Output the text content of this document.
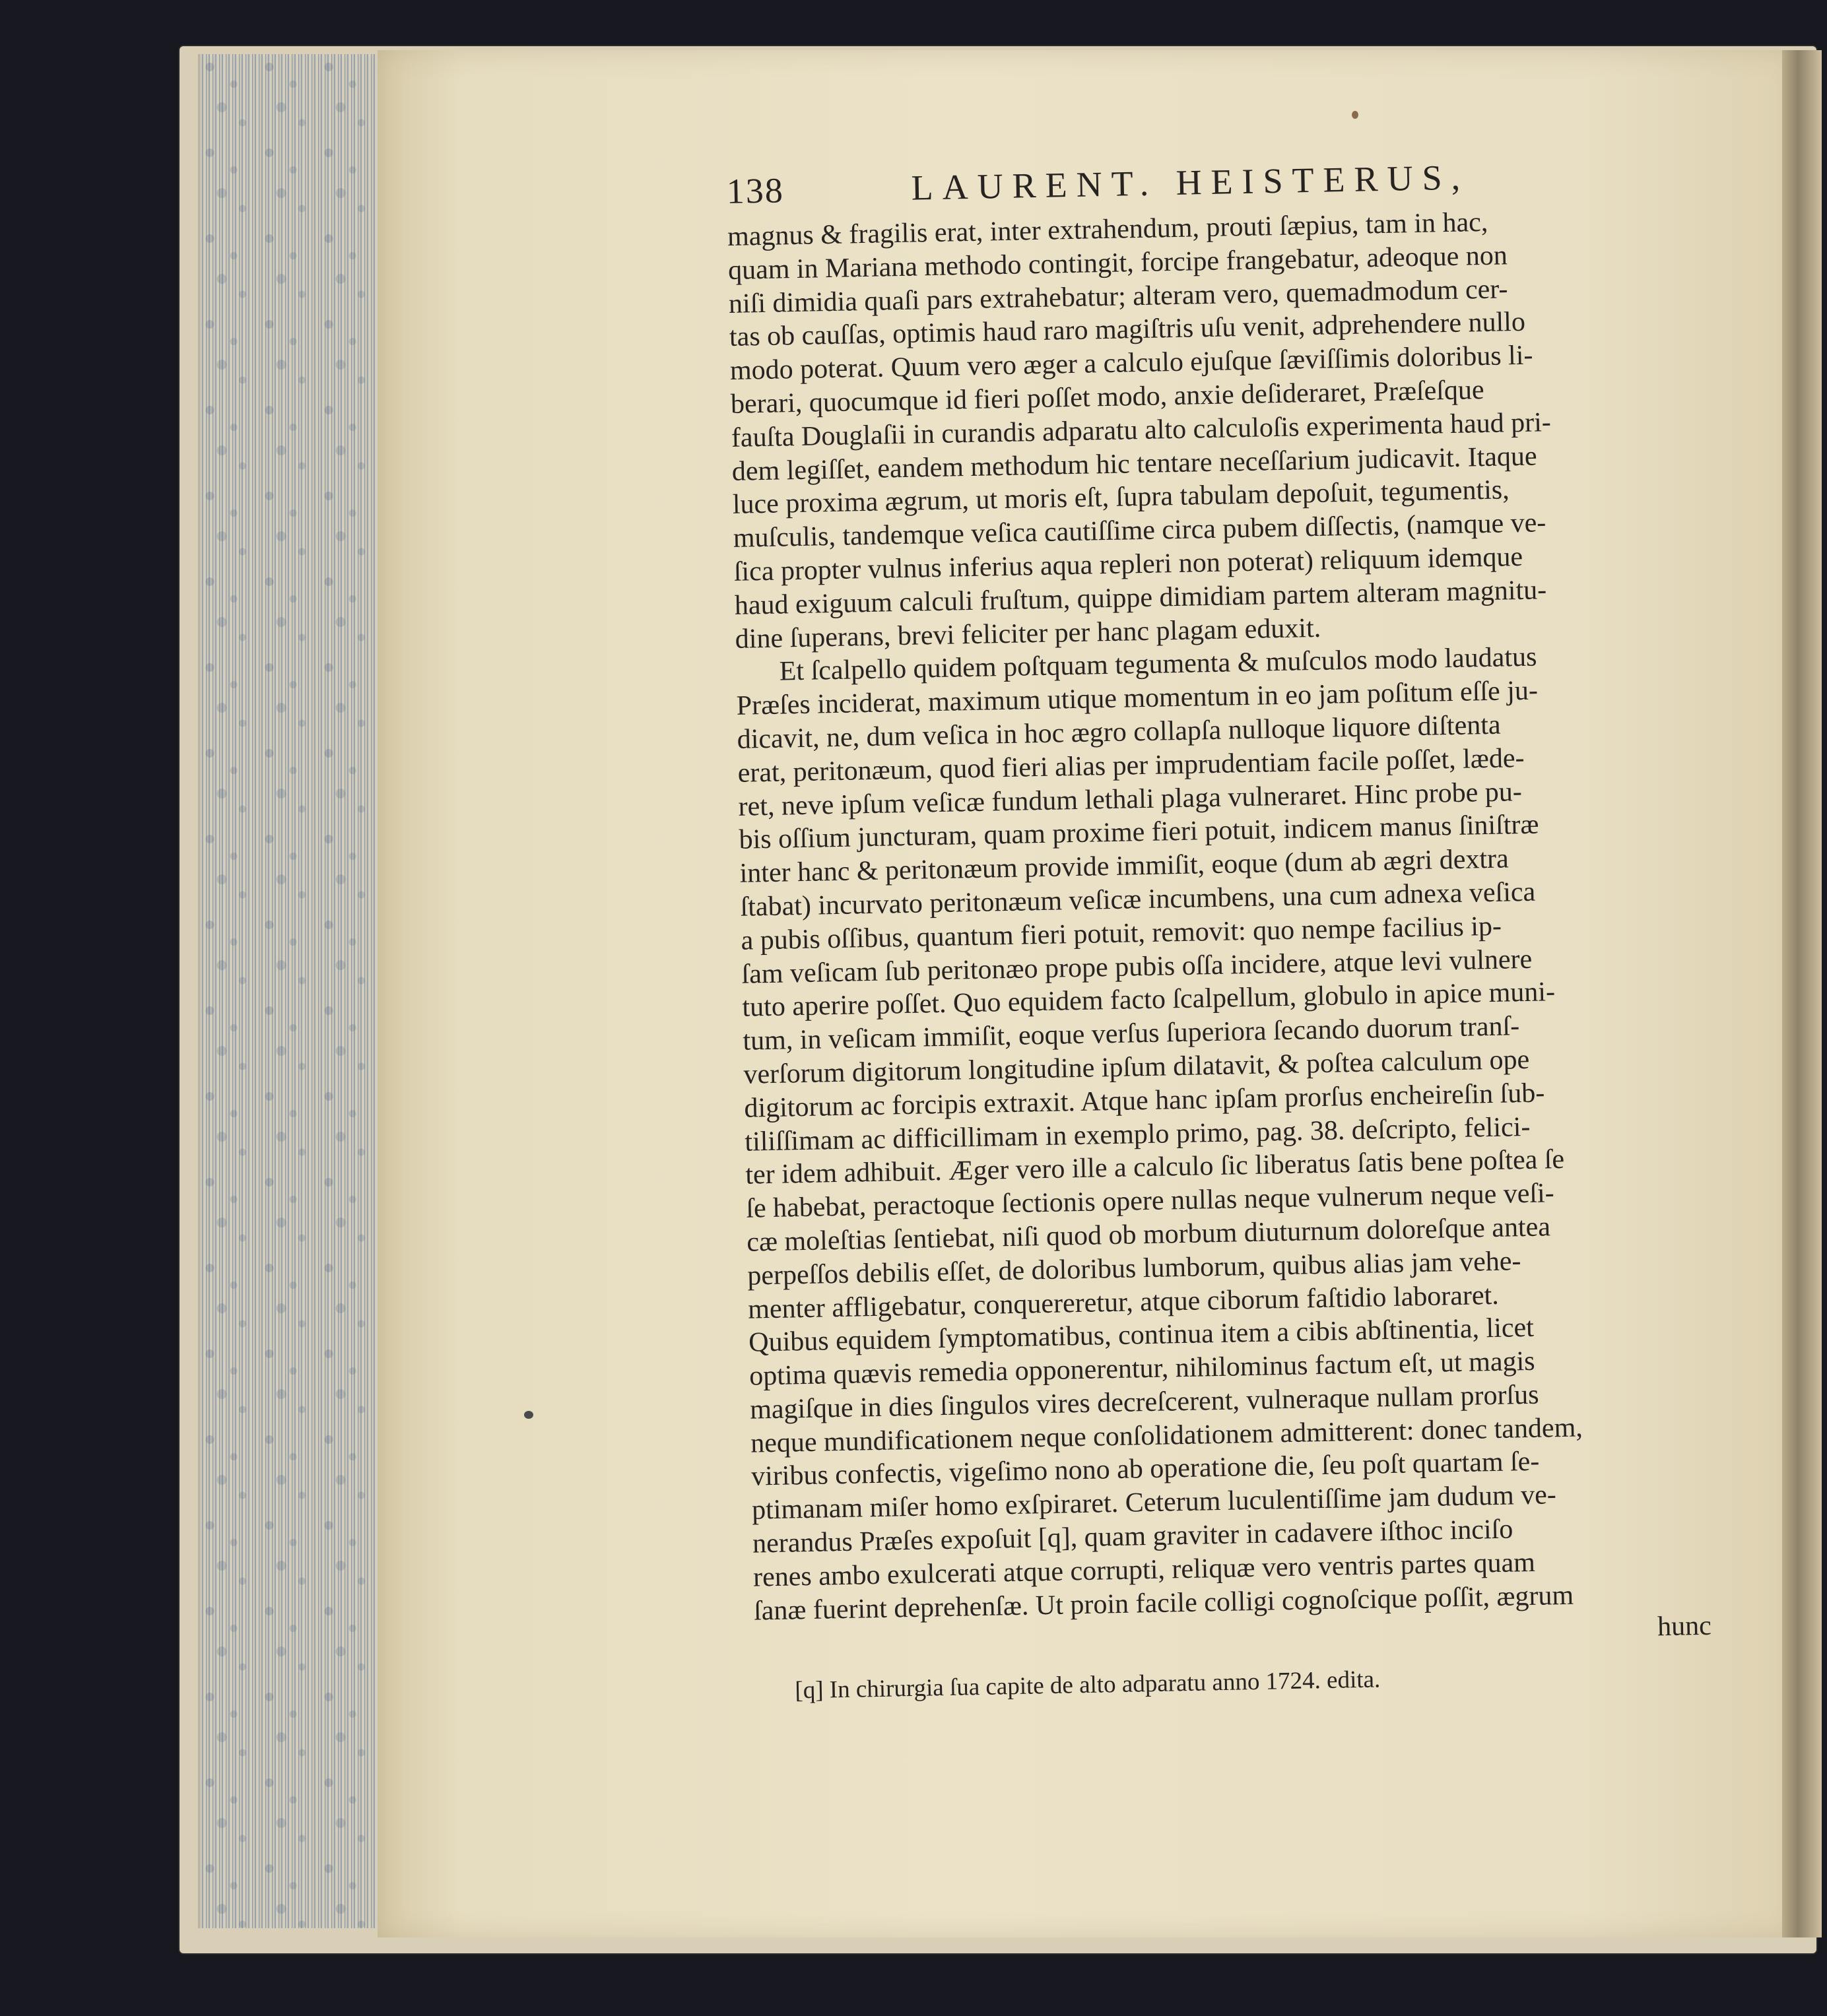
138	LAURENT. HEISTERUS,
magnus & fragilis erat, inter extrahendum, prouti ſæpius, tam in hac,
quam in Mariana methodo contingit, forcipe frangebatur, adeoque non
niſi dimidia quaſi pars extrahebatur; alteram vero, quemadmodum cer-
tas ob cauſſas, optimis haud raro magiſtris uſu venit, adprehendere nullo
modo poterat. Quum vero æger a calculo ejuſque ſæviſſimis doloribus li-
berari, quocumque id fieri poſſet modo, anxie deſideraret, Præſeſque
fauſta Douglaſii in curandis adparatu alto calculoſis experimenta haud pri-
dem legiſſet, eandem methodum hic tentare neceſſarium judicavit. Itaque
luce proxima ægrum, ut moris eſt, ſupra tabulam depoſuit, tegumentis,
muſculis, tandemque veſica cautiſſime circa pubem diſſectis, (namque ve-
ſica propter vulnus inferius aqua repleri non poterat) reliquum idemque
haud exiguum calculi fruſtum, quippe dimidiam partem alteram magnitu-
dine ſuperans, brevi feliciter per hanc plagam eduxit.
Et ſcalpello quidem poſtquam tegumenta & muſculos modo laudatus
Præſes inciderat, maximum utique momentum in eo jam poſitum eſſe ju-
dicavit, ne, dum veſica in hoc ægro collapſa nulloque liquore diſtenta
erat, peritonæum, quod fieri alias per imprudentiam facile poſſet, læde-
ret, neve ipſum veſicæ fundum lethali plaga vulneraret. Hinc probe pu-
bis oſſium juncturam, quam proxime fieri potuit, indicem manus ſiniſtræ
inter hanc & peritonæum provide immiſit, eoque (dum ab ægri dextra
ſtabat) incurvato peritonæum veſicæ incumbens, una cum adnexa veſica
a pubis oſſibus, quantum fieri potuit, removit: quo nempe facilius ip-
ſam veſicam ſub peritonæo prope pubis oſſa incidere, atque levi vulnere
tuto aperire poſſet. Quo equidem facto ſcalpellum, globulo in apice muni-
tum, in veſicam immiſit, eoque verſus ſuperiora ſecando duorum tranſ-
verſorum digitorum longitudine ipſum dilatavit, & poſtea calculum ope
digitorum ac forcipis extraxit. Atque hanc ipſam prorſus encheireſin ſub-
tiliſſimam ac difficillimam in exemplo primo, pag. 38. deſcripto, felici-
ter idem adhibuit. Æger vero ille a calculo ſic liberatus ſatis bene poſtea ſe
ſe habebat, peractoque ſectionis opere nullas neque vulnerum neque veſi-
cæ moleſtias ſentiebat, niſi quod ob morbum diuturnum doloreſque antea
perpeſſos debilis eſſet, de doloribus lumborum, quibus alias jam vehe-
menter affligebatur, conquereretur, atque ciborum faſtidio laboraret.
Quibus equidem ſymptomatibus, continua item a cibis abſtinentia, licet
optima quævis remedia opponerentur, nihilominus factum eſt, ut magis
magiſque in dies ſingulos vires decreſcerent, vulneraque nullam prorſus
neque mundificationem neque conſolidationem admitterent: donec tandem,
viribus confectis, vigeſimo nono ab operatione die, ſeu poſt quartam ſe-
ptimanam miſer homo exſpiraret. Ceterum luculentiſſime jam dudum ve-
nerandus Præſes expoſuit [q], quam graviter in cadavere iſthoc inciſo
renes ambo exulcerati atque corrupti, reliquæ vero ventris partes quam
ſanæ fuerint deprehenſæ. Ut proin facile colligi cognoſcique poſſit, ægrum
hunc
[q] In chirurgia ſua capite de alto adparatu anno 1724. edita.
